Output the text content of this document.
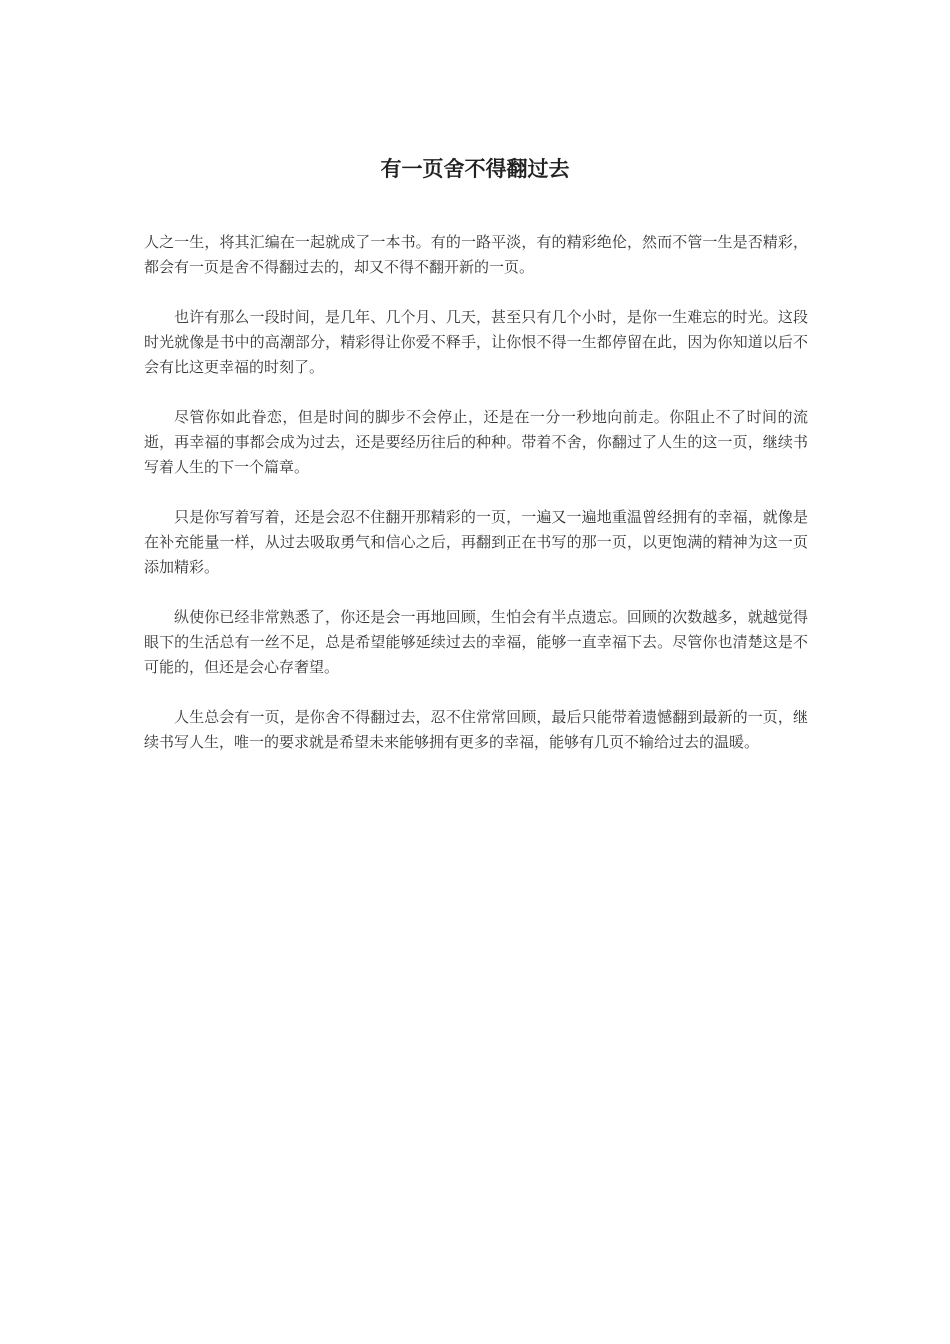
有一页舍不得翻过去

人之一生，将其汇编在一起就成了一本书。有的一路平淡，有的精彩绝伦，然而不管一生是否精彩，都会有一页是舍不得翻过去的，却又不得不翻开新的一页。

也许有那么一段时间，是几年、几个月、几天，甚至只有几个小时，是你一生难忘的时光。这段时光就像是书中的高潮部分，精彩得让你爱不释手，让你恨不得一生都停留在此，因为你知道以后不会有比这更幸福的时刻了。

尽管你如此眷恋，但是时间的脚步不会停止，还是在一分一秒地向前走。你阻止不了时间的流逝，再幸福的事都会成为过去，还是要经历往后的种种。带着不舍，你翻过了人生的这一页，继续书写着人生的下一个篇章。

只是你写着写着，还是会忍不住翻开那精彩的一页，一遍又一遍地重温曾经拥有的幸福，就像是在补充能量一样，从过去吸取勇气和信心之后，再翻到正在书写的那一页，以更饱满的精神为这一页添加精彩。

纵使你已经非常熟悉了，你还是会一再地回顾，生怕会有半点遗忘。回顾的次数越多，就越觉得眼下的生活总有一丝不足，总是希望能够延续过去的幸福，能够一直幸福下去。尽管你也清楚这是不可能的，但还是会心存奢望。

人生总会有一页，是你舍不得翻过去，忍不住常常回顾，最后只能带着遗憾翻到最新的一页，继续书写人生，唯一的要求就是希望未来能够拥有更多的幸福，能够有几页不输给过去的温暖。
